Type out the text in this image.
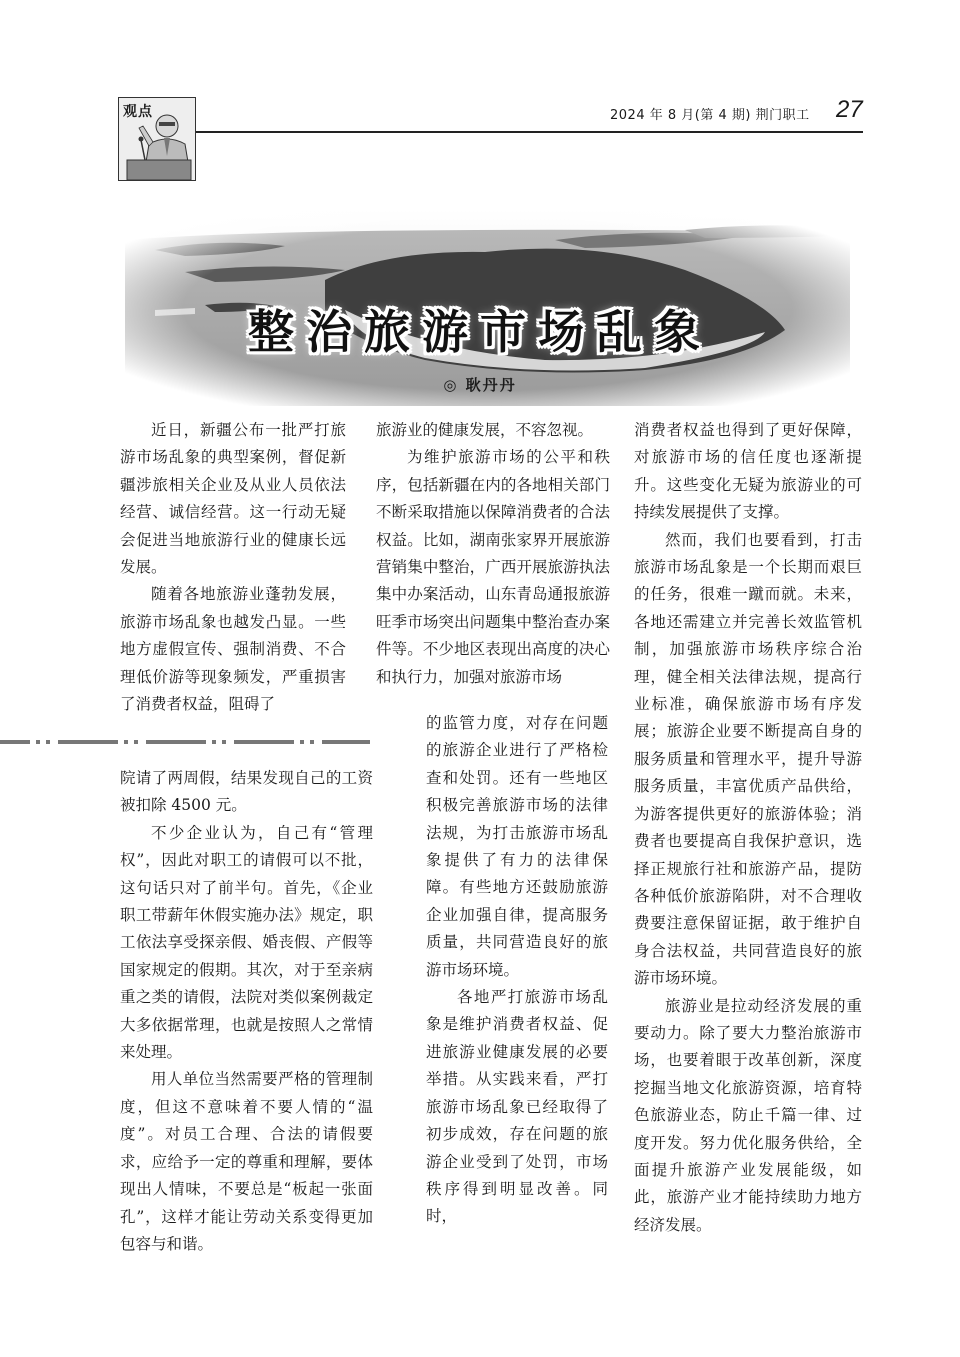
观点	2024 年 8 月(第 4 期) 荆门职工 27
整治旅游市场乱象
◎ 耿丹丹

近日，新疆公布一批严打旅游市场乱象的典型案例，督促新疆涉旅相关企业及从业人员依法经营、诚信经营。这一行动无疑会促进当地旅游行业的健康长远发展。

随着各地旅游业蓬勃发展，旅游市场乱象也越发凸显。一些地方虚假宣传、强制消费、不合理低价游等现象频发，严重损害了消费者权益，阻碍了

院请了两周假，结果发现自己的工资被扣除 4500 元。

不少企业认为，自己有“管理权”，因此对职工的请假可以不批，这句话只对了前半句。首先，《企业职工带薪年休假实施办法》规定，职工依法享受探亲假、婚丧假、产假等国家规定的假期。其次，对于至亲病重之类的请假，法院对类似案例裁定大多依据常理，也就是按照人之常情来处理。

用人单位当然需要严格的管理制度，但这不意味着不要人情的“温度”。对员工合理、合法的请假要求，应给予一定的尊重和理解，要体现出人情味，不要总是“板起一张面孔”，这样才能让劳动关系变得更加包容与和谐。

旅游业的健康发展，不容忽视。

为维护旅游市场的公平和秩序，包括新疆在内的各地相关部门不断采取措施以保障消费者的合法权益。比如，湖南张家界开展旅游营销集中整治，广西开展旅游执法集中办案活动，山东青岛通报旅游旺季市场突出问题集中整治查办案件等。不少地区表现出高度的决心和执行力，加强对旅游市场

的监管力度，对存在问题的旅游企业进行了严格检查和处罚。还有一些地区积极完善旅游市场的法律法规，为打击旅游市场乱象提供了有力的法律保障。有些地方还鼓励旅游企业加强自律，提高服务质量，共同营造良好的旅游市场环境。

各地严打旅游市场乱象是维护消费者权益、促进旅游业健康发展的必要举措。从实践来看，严打旅游市场乱象已经取得了初步成效，存在问题的旅游企业受到了处罚，市场秩序得到明显改善。同时，

消费者权益也得到了更好保障，对旅游市场的信任度也逐渐提升。这些变化无疑为旅游业的可持续发展提供了支撑。

然而，我们也要看到，打击旅游市场乱象是一个长期而艰巨的任务，很难一蹴而就。未来，各地还需建立并完善长效监管机制，加强旅游市场秩序综合治理，健全相关法律法规，提高行业标准，确保旅游市场有序发展；旅游企业要不断提高自身的服务质量和管理水平，提升导游服务质量，丰富优质产品供给，为游客提供更好的旅游体验；消费者也要提高自我保护意识，选择正规旅行社和旅游产品，提防各种低价旅游陷阱，对不合理收费要注意保留证据，敢于维护自身合法权益，共同营造良好的旅游市场环境。

旅游业是拉动经济发展的重要动力。除了要大力整治旅游市场，也要着眼于改革创新，深度挖掘当地文化旅游资源，培育特色旅游业态，防止千篇一律、过度开发。努力优化服务供给，全面提升旅游产业发展能级，如此，旅游产业才能持续助力地方经济发展。
